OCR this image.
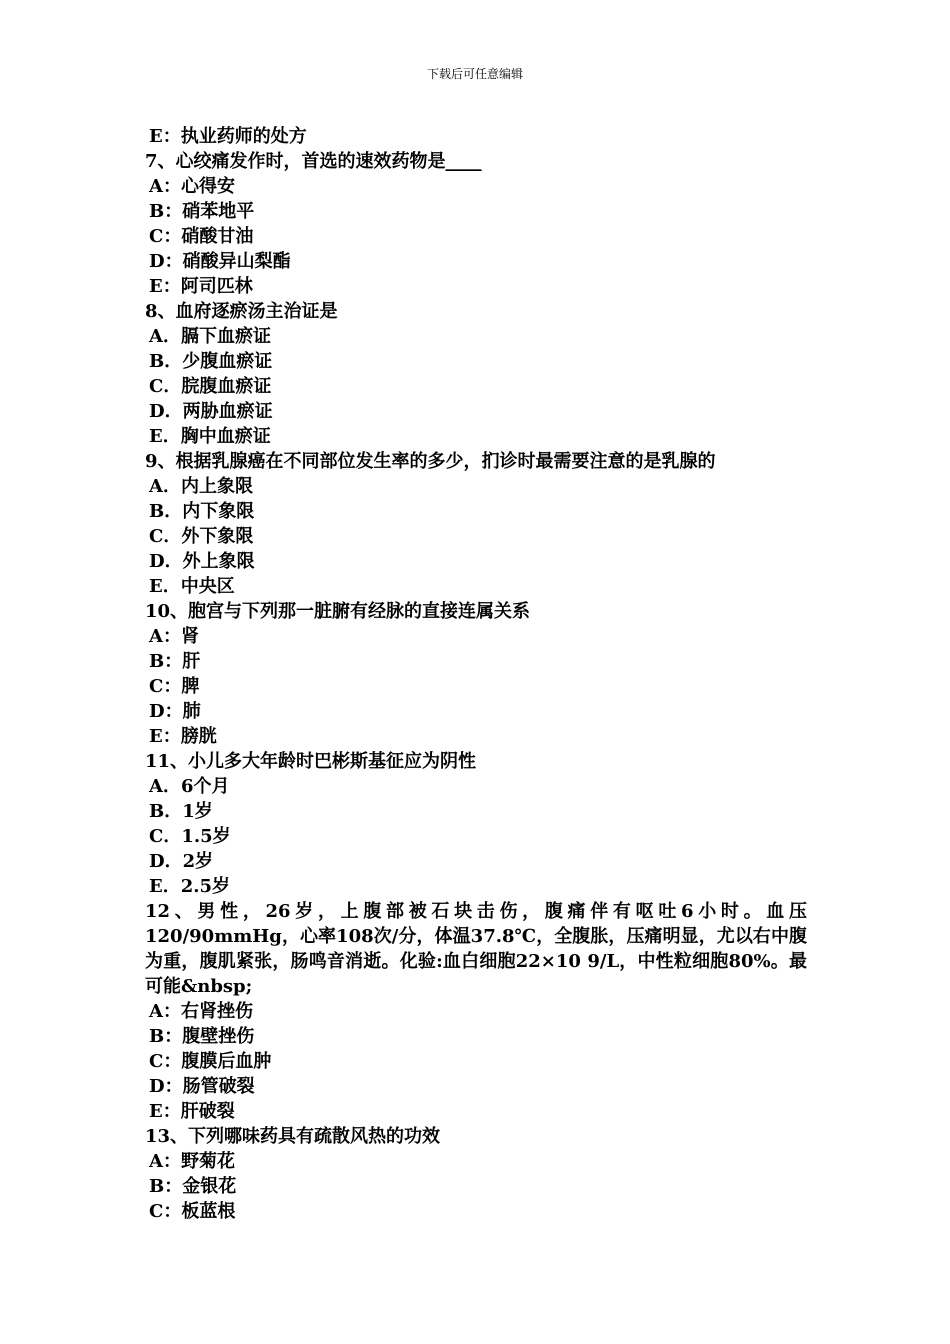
下载后可任意编辑
E：执业药师的处方
7、心绞痛发作时，首选的速效药物是____
A：心得安
B：硝苯地平
C：硝酸甘油
D：硝酸异山梨酯
E：阿司匹林
8、血府逐瘀汤主治证是
A．膈下血瘀证
B．少腹血瘀证
C．脘腹血瘀证
D．两胁血瘀证
E．胸中血瘀证
9、根据乳腺癌在不同部位发生率的多少，扪诊时最需要注意的是乳腺的
A．内上象限
B．内下象限
C．外下象限
D．外上象限
E．中央区
10、胞宫与下列那一脏腑有经脉的直接连属关系
A：肾
B：肝
C：脾
D：肺
E：膀胱
11、小儿多大年龄时巴彬斯基征应为阴性
A．6个月
B．1岁
C．1.5岁
D．2岁
E．2.5岁
12、男性，26岁，上腹部被石块击伤，腹痛伴有呕吐6小时。血压120/90mmHg，心率108次/分，体温37.8℃，全腹胀，压痛明显，尤以右中腹为重，腹肌紧张，肠鸣音消逝。化验:血白细胞22×10 9/L，中性粒细胞80%。最可能&nbsp;
A：右肾挫伤
B：腹壁挫伤
C：腹膜后血肿
D：肠管破裂
E：肝破裂
13、下列哪味药具有疏散风热的功效
A：野菊花
B：金银花
C：板蓝根
